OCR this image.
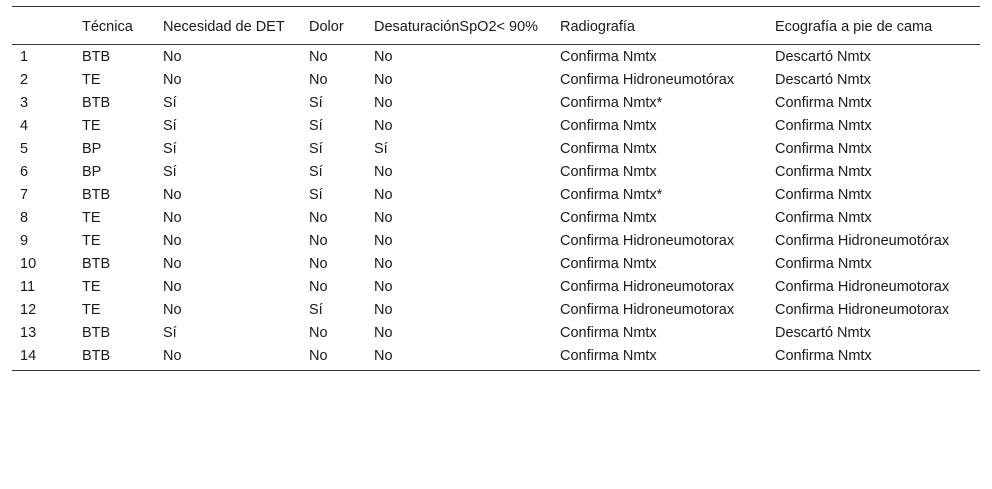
	Técnica	Necesidad de DET	Dolor	DesaturaciónSpO2< 90%	Radiografía	Ecografía a pie de cama
1	BTB	No	No	No	Confirma Nmtx	Descartó Nmtx
2	TE	No	No	No	Confirma Hidroneumotórax	Descartó Nmtx
3	BTB	Sí	Sí	No	Confirma Nmtx*	Confirma Nmtx
4	TE	Sí	Sí	No	Confirma Nmtx	Confirma Nmtx
5	BP	Sí	Sí	Sí	Confirma Nmtx	Confirma Nmtx
6	BP	Sí	Sí	No	Confirma Nmtx	Confirma Nmtx
7	BTB	No	Sí	No	Confirma Nmtx*	Confirma Nmtx
8	TE	No	No	No	Confirma Nmtx	Confirma Nmtx
9	TE	No	No	No	Confirma Hidroneumotorax	Confirma Hidroneumotórax
10	BTB	No	No	No	Confirma Nmtx	Confirma Nmtx
11	TE	No	No	No	Confirma Hidroneumotorax	Confirma Hidroneumotorax
12	TE	No	Sí	No	Confirma Hidroneumotorax	Confirma Hidroneumotorax
13	BTB	Sí	No	No	Confirma Nmtx	Descartó Nmtx
14	BTB	No	No	No	Confirma Nmtx	Confirma Nmtx
